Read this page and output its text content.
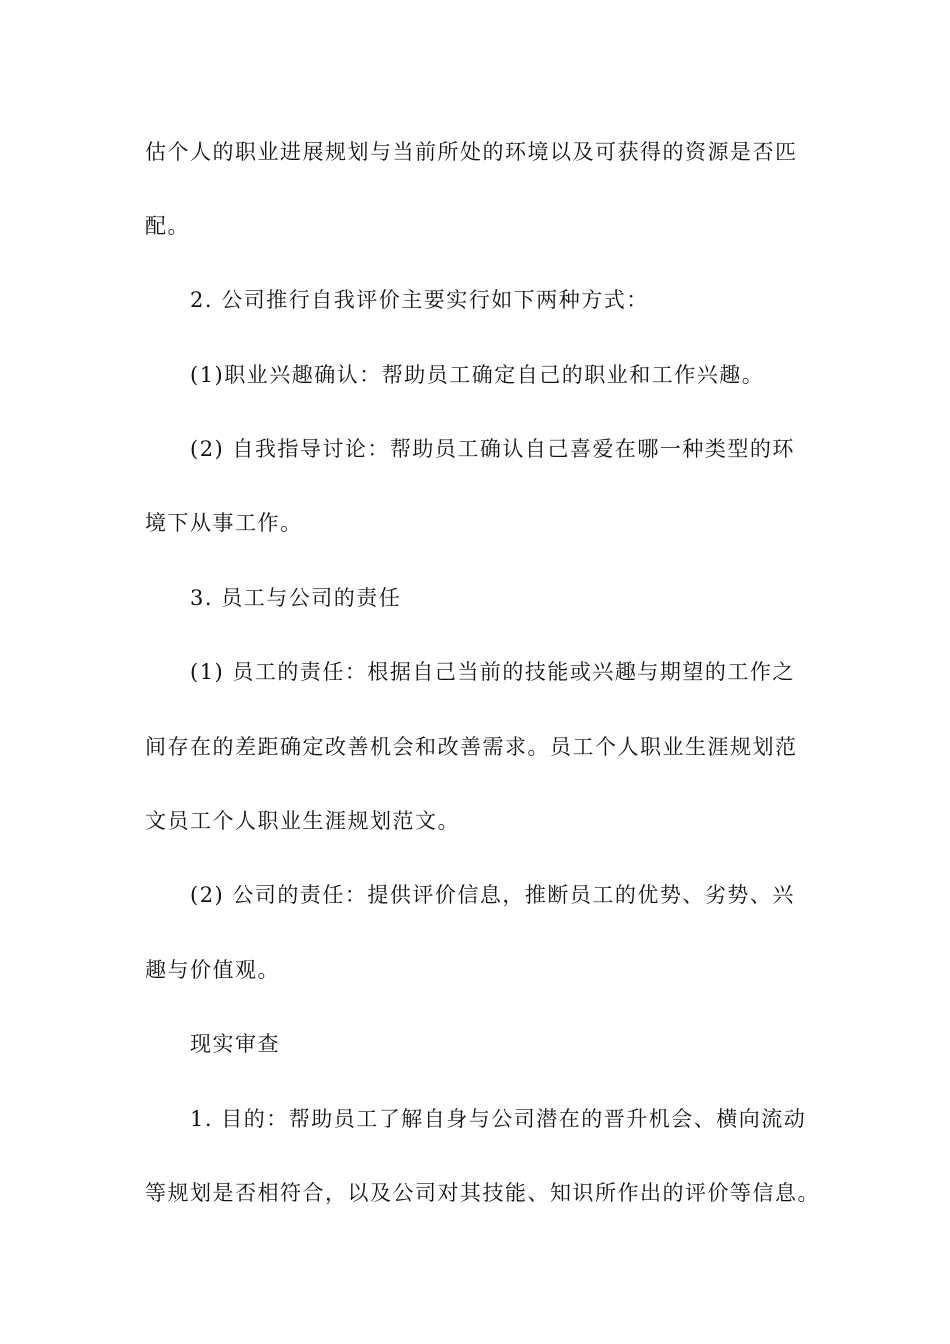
估个人的职业进展规划与当前所处的环境以及可获得的资源是否匹
配。
2. 公司推行自我评价主要实行如下两种方式：
(1)职业兴趣确认：帮助员工确定自己的职业和工作兴趣。
(2) 自我指导讨论：帮助员工确认自己喜爱在哪一种类型的环
境下从事工作。
3. 员工与公司的责任
(1) 员工的责任：根据自己当前的技能或兴趣与期望的工作之
间存在的差距确定改善机会和改善需求。员工个人职业生涯规划范
文员工个人职业生涯规划范文。
(2) 公司的责任：提供评价信息，推断员工的优势、劣势、兴
趣与价值观。
现实审查
1. 目的：帮助员工了解自身与公司潜在的晋升机会、横向流动
等规划是否相符合，以及公司对其技能、知识所作出的评价等信息。
